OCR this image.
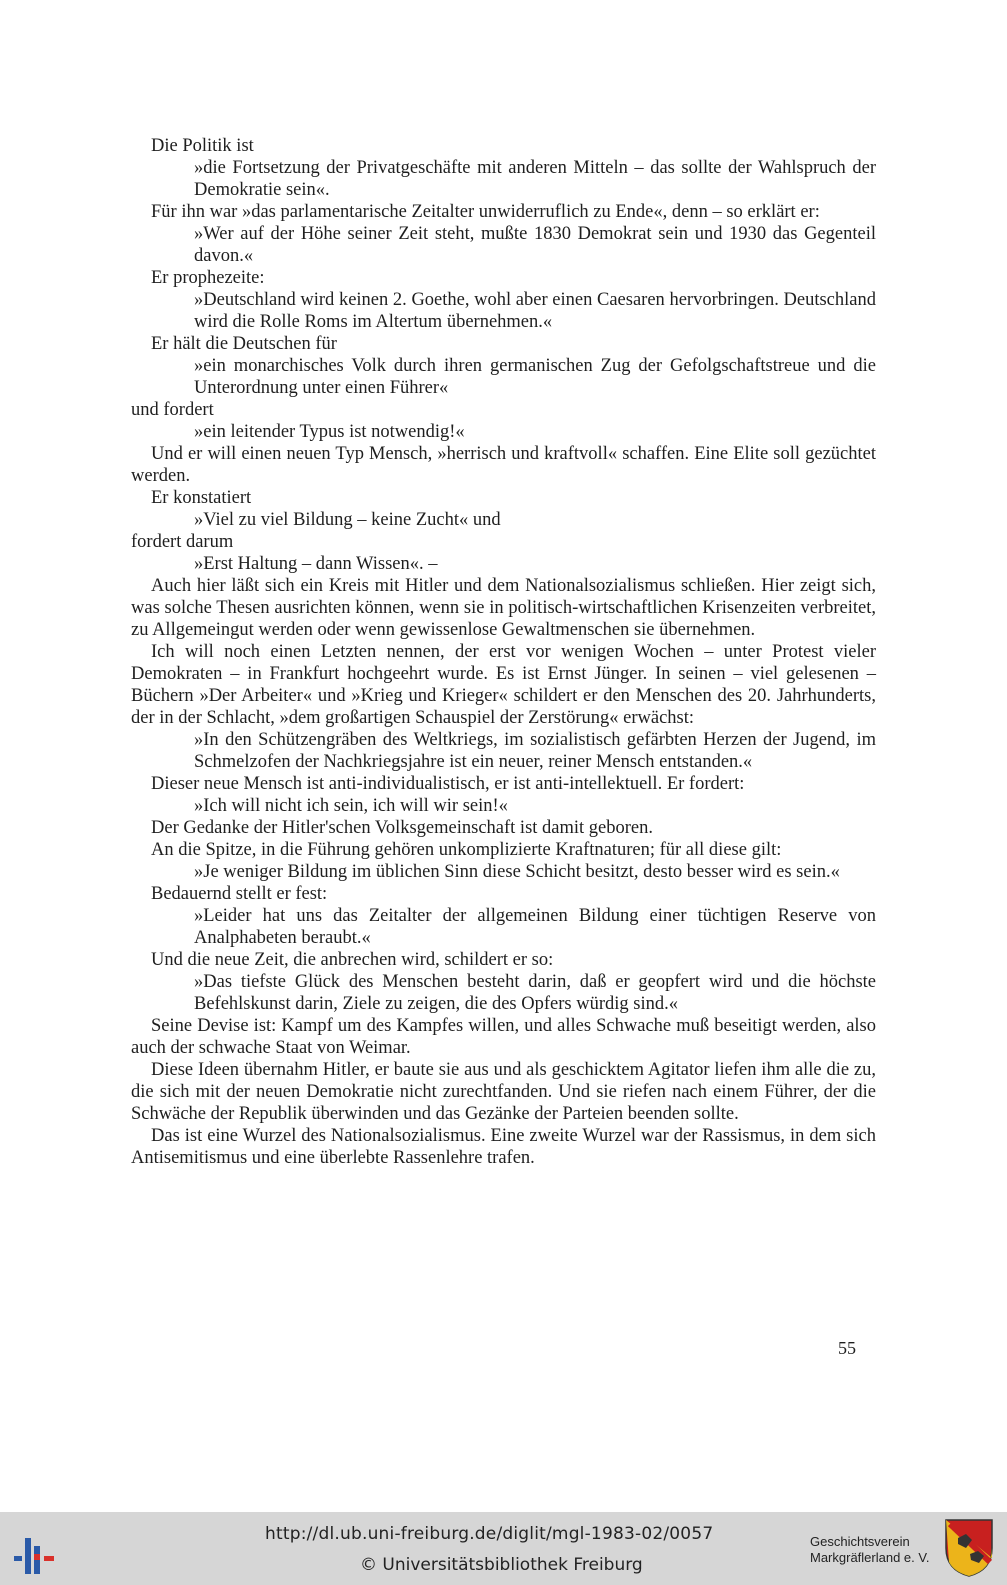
Die Politik ist

»die Fortsetzung der Privatgeschäfte mit anderen Mitteln – das sollte der Wahlspruch der Demokratie sein«.

Für ihn war »das parlamentarische Zeitalter unwiderruflich zu Ende«, denn – so erklärt er:

»Wer auf der Höhe seiner Zeit steht, mußte 1830 Demokrat sein und 1930 das Gegenteil davon.«

Er prophezeite:

»Deutschland wird keinen 2. Goethe, wohl aber einen Caesaren hervorbringen. Deutschland wird die Rolle Roms im Altertum übernehmen.«

Er hält die Deutschen für

»ein monarchisches Volk durch ihren germanischen Zug der Gefolgschaftstreue und die Unterordnung unter einen Führer«

und fordert

»ein leitender Typus ist notwendig!«

Und er will einen neuen Typ Mensch, »herrisch und kraftvoll« schaffen. Eine Elite soll gezüchtet werden.

Er konstatiert

»Viel zu viel Bildung – keine Zucht« und

fordert darum

»Erst Haltung – dann Wissen«. –

Auch hier läßt sich ein Kreis mit Hitler und dem Nationalsozialismus schließen. Hier zeigt sich, was solche Thesen ausrichten können, wenn sie in politisch-wirtschaftlichen Krisenzeiten verbreitet, zu Allgemeingut werden oder wenn gewissenlose Gewaltmenschen sie übernehmen.

Ich will noch einen Letzten nennen, der erst vor wenigen Wochen – unter Protest vieler Demokraten – in Frankfurt hochgeehrt wurde. Es ist Ernst Jünger. In seinen – viel gelesenen – Büchern »Der Arbeiter« und »Krieg und Krieger« schildert er den Menschen des 20. Jahrhunderts, der in der Schlacht, »dem großartigen Schauspiel der Zerstörung« erwächst:

»In den Schützengräben des Weltkriegs, im sozialistisch gefärbten Herzen der Jugend, im Schmelzofen der Nachkriegsjahre ist ein neuer, reiner Mensch entstanden.«

Dieser neue Mensch ist anti-individualistisch, er ist anti-intellektuell. Er fordert:

»Ich will nicht ich sein, ich will wir sein!«

Der Gedanke der Hitler'schen Volksgemeinschaft ist damit geboren.

An die Spitze, in die Führung gehören unkomplizierte Kraftnaturen; für all diese gilt:

»Je weniger Bildung im üblichen Sinn diese Schicht besitzt, desto besser wird es sein.«

Bedauernd stellt er fest:

»Leider hat uns das Zeitalter der allgemeinen Bildung einer tüchtigen Reserve von Analphabeten beraubt.«

Und die neue Zeit, die anbrechen wird, schildert er so:

»Das tiefste Glück des Menschen besteht darin, daß er geopfert wird und die höchste Befehlskunst darin, Ziele zu zeigen, die des Opfers würdig sind.«

Seine Devise ist: Kampf um des Kampfes willen, und alles Schwache muß beseitigt werden, also auch der schwache Staat von Weimar.

Diese Ideen übernahm Hitler, er baute sie aus und als geschicktem Agitator liefen ihm alle die zu, die sich mit der neuen Demokratie nicht zurechtfanden. Und sie riefen nach einem Führer, der die Schwäche der Republik überwinden und das Gezänke der Parteien beenden sollte.

Das ist eine Wurzel des Nationalsozialismus. Eine zweite Wurzel war der Rassismus, in dem sich Antisemitismus und eine überlebte Rassenlehre trafen.

55
http://dl.ub.uni-freiburg.de/diglit/mgl-1983-02/0057
© Universitätsbibliothek Freiburg
Geschichtsverein
Markgräflerland e. V.
